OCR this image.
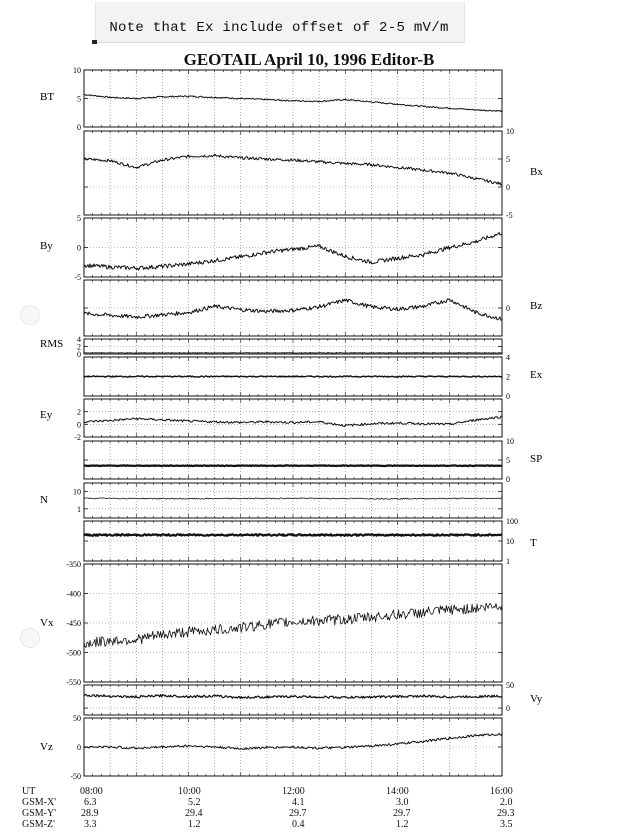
Note that Ex include offset of 2-5 mV/m
GEOTAIL April 10, 1996 Editor-B
10
5
0
BT
10
5
0
-5
Bx
5
0
-5
By
0 Bz
4
2
0
RMS
4
2
0
Ex
2
0
-2
Ey
10
5
0
SP
10
1
N
100
10
1
T
-350
-400
-450
-500
-550
Vx
50
0
Vy
50
0
-50
Vz
UT	08:00	10:00	12:00	14:00	16:00
GSM-X'	6.3	5.2	4.1	3.0	2.0
GSM-Y' 28.9	29.4	29.7	29.7	29.3
GSM-Z'	3.3	1.2	0.4	1.2	3.5
